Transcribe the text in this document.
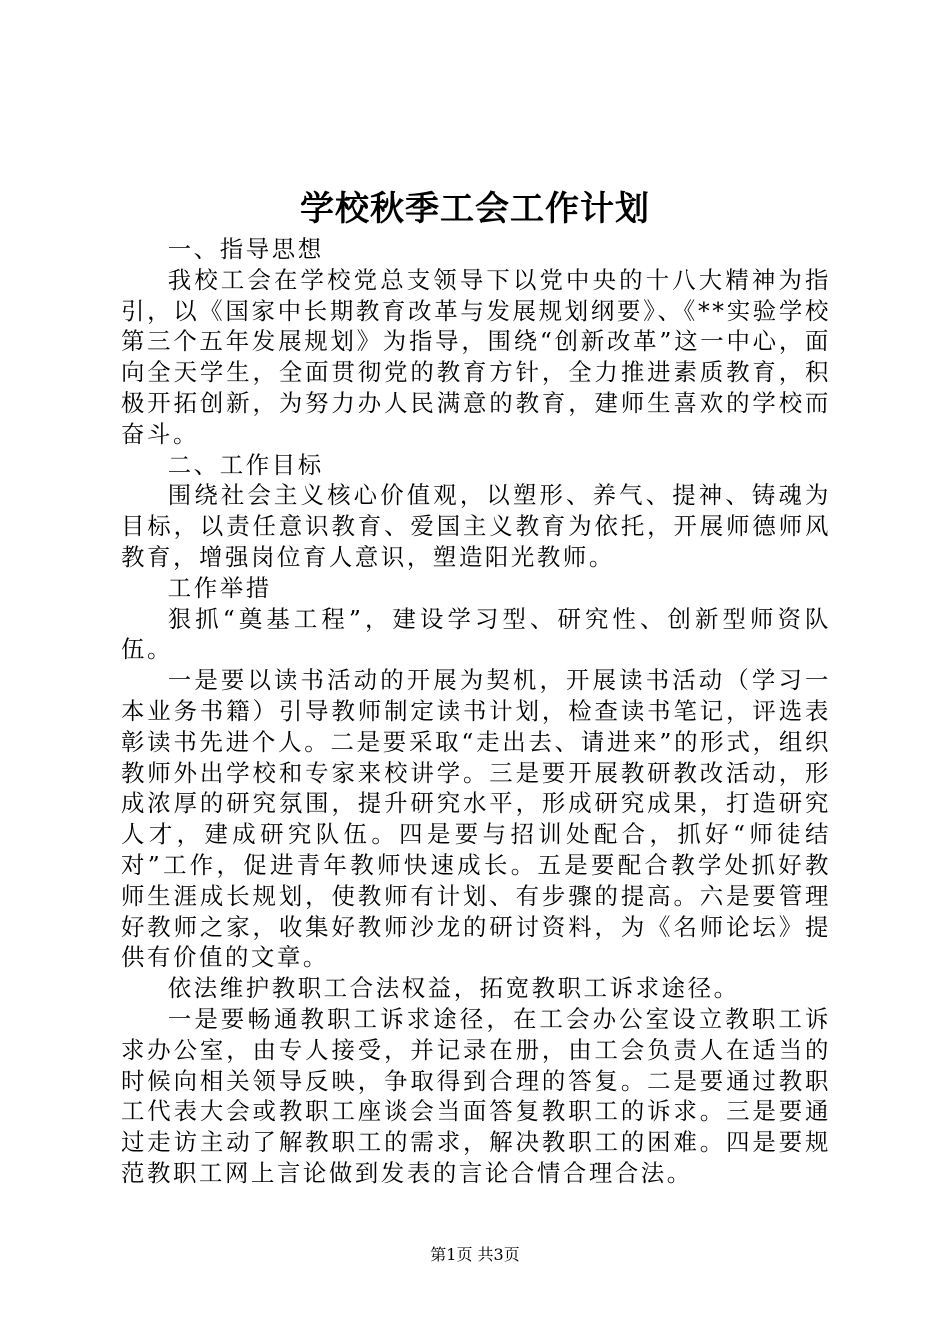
学校秋季工会工作计划

一、指导思想

我校工会在学校党总支领导下以党中央的十八大精神为指引，以《国家中长期教育改革与发展规划纲要》、《**实验学校第三个五年发展规划》为指导，围绕“创新改革”这一中心，面向全天学生，全面贯彻党的教育方针，全力推进素质教育，积极开拓创新，为努力办人民满意的教育，建师生喜欢的学校而奋斗。

二、工作目标

围绕社会主义核心价值观，以塑形、养气、提神、铸魂为目标，以责任意识教育、爱国主义教育为依托，开展师德师风教育，增强岗位育人意识，塑造阳光教师。

工作举措

狠抓“奠基工程”，建设学习型、研究性、创新型师资队伍。

一是要以读书活动的开展为契机，开展读书活动（学习一本业务书籍）引导教师制定读书计划，检查读书笔记，评选表彰读书先进个人。二是要采取“走出去、请进来”的形式，组织教师外出学校和专家来校讲学。三是要开展教研教改活动，形成浓厚的研究氛围，提升研究水平，形成研究成果，打造研究人才，建成研究队伍。四是要与招训处配合，抓好“师徒结对”工作，促进青年教师快速成长。五是要配合教学处抓好教师生涯成长规划，使教师有计划、有步骤的提高。六是要管理好教师之家，收集好教师沙龙的研讨资料，为《名师论坛》提供有价值的文章。

依法维护教职工合法权益，拓宽教职工诉求途径。

一是要畅通教职工诉求途径，在工会办公室设立教职工诉求办公室，由专人接受，并记录在册，由工会负责人在适当的时候向相关领导反映，争取得到合理的答复。二是要通过教职工代表大会或教职工座谈会当面答复教职工的诉求。三是要通过走访主动了解教职工的需求，解决教职工的困难。四是要规范教职工网上言论做到发表的言论合情合理合法。

第1页 共3页
